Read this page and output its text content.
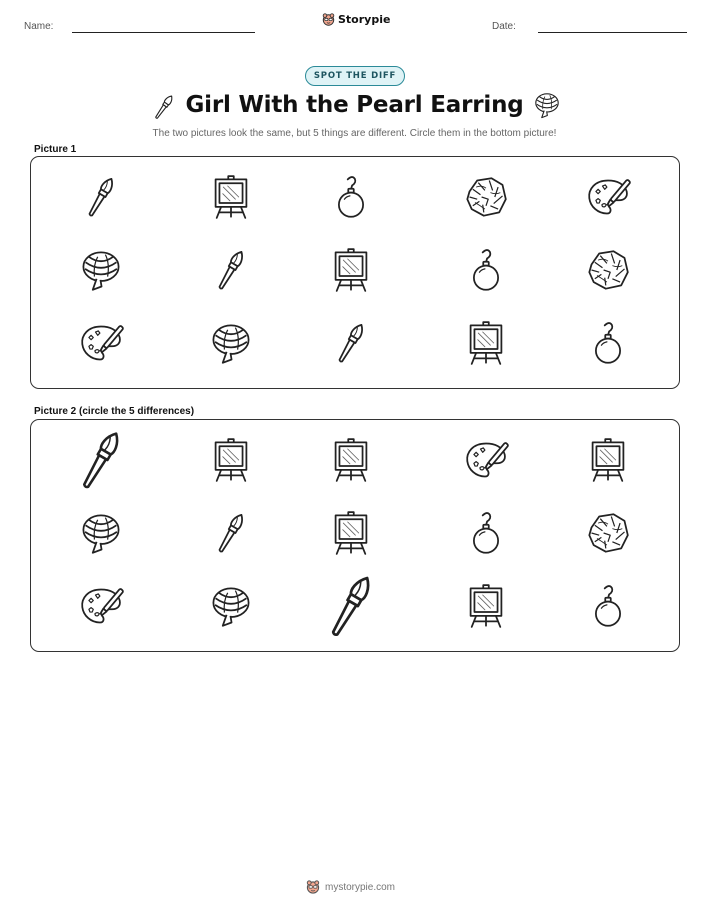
Name:
Storypie
Date:
SPOT THE DIFF
Girl With the Pearl Earring
The two pictures look the same, but 5 things are different. Circle them in the bottom picture!
Picture 1
Picture 2 (circle the 5 differences)
mystorypie.com
